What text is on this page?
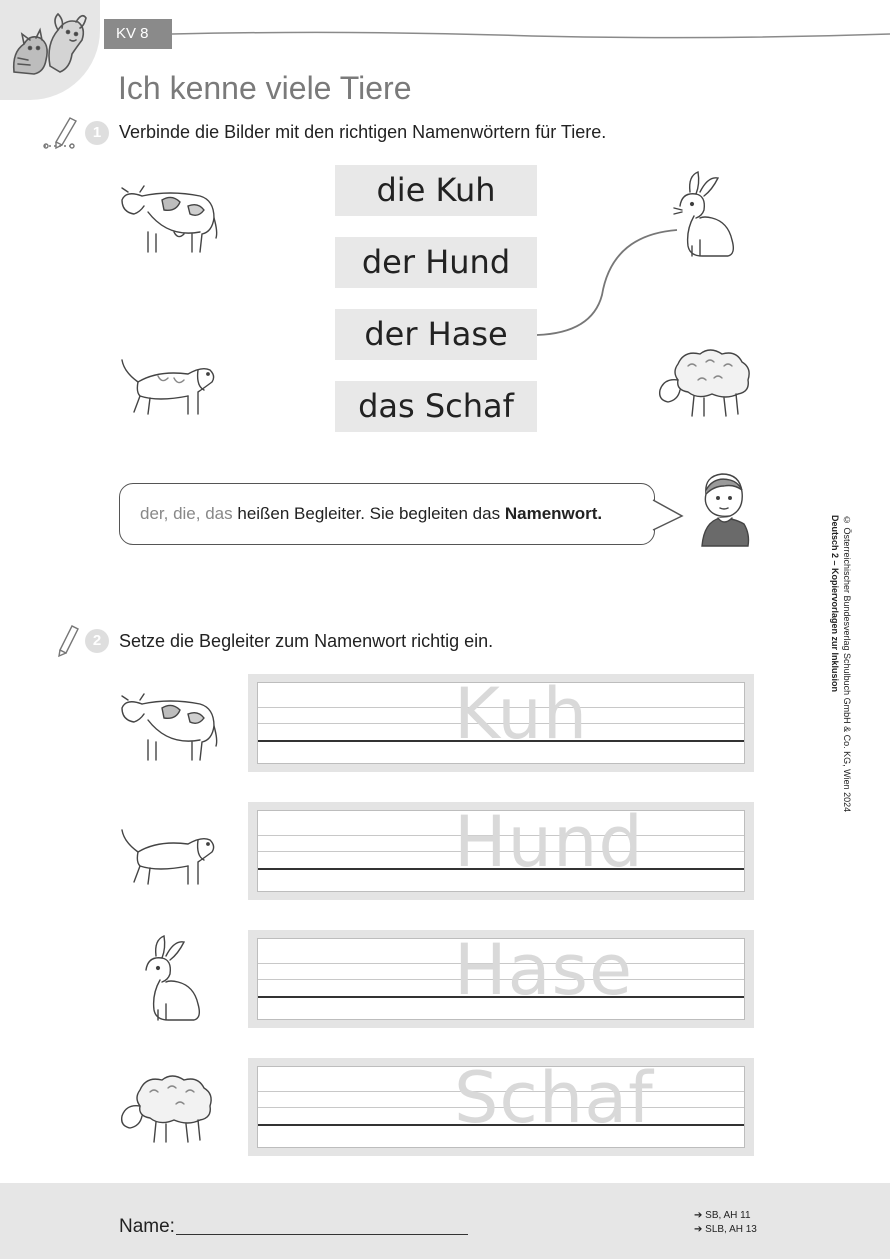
KV 8
Ich kenne viele Tiere
1 Verbinde die Bilder mit den richtigen Namenwörtern für Tiere.
die Kuh
der Hund
der Hase
das Schaf
der, die, das heißen Begleiter. Sie begleiten das Namenwort.
© Österreichischer Bundesverlag Schulbuch GmbH & Co. KG, Wien 2024
Deutsch 2 – Kopiervorlagen zur Inklusion
2 Setze die Begleiter zum Namenwort richtig ein.
Kuh
Hund
Hase
Schaf
Name:
➔ SB, AH 11
➔ SLB, AH 13
